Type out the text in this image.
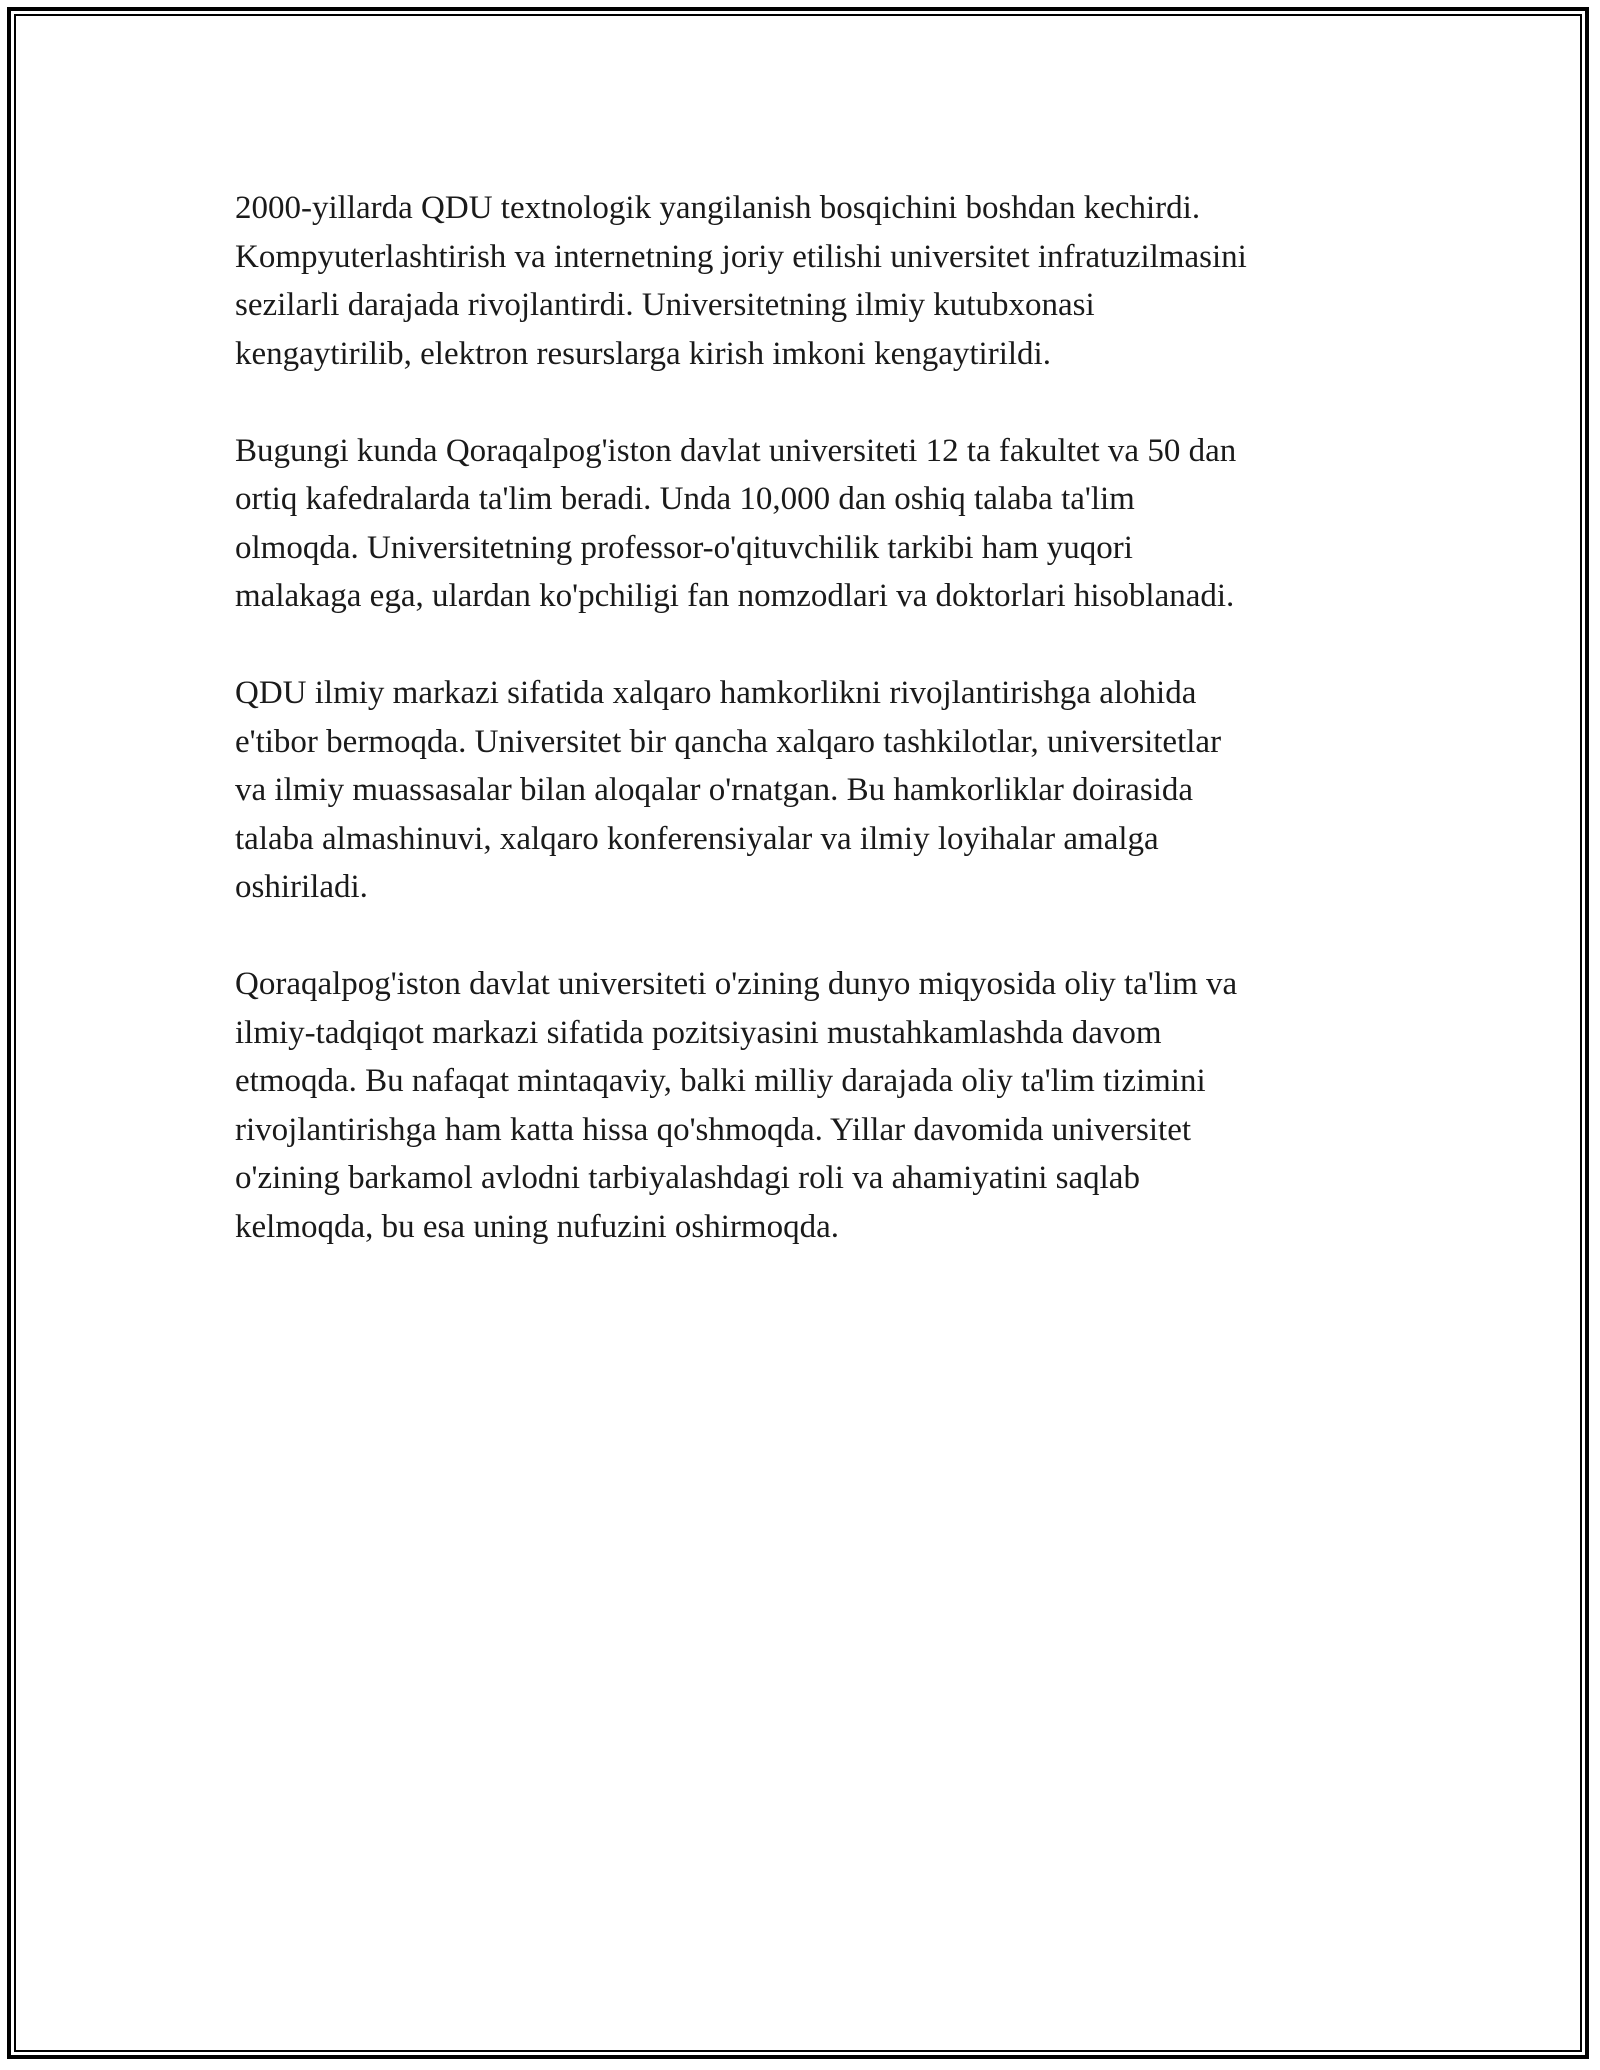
2000-yillarda QDU textnologik yangilanish bosqichini boshdan kechirdi.
Kompyuterlashtirish va internetning joriy etilishi universitet infratuzilmasini
sezilarli darajada rivojlantirdi. Universitetning ilmiy kutubxonasi
kengaytirilib, elektron resurslarga kirish imkoni kengaytirildi.

Bugungi kunda Qoraqalpog'iston davlat universiteti 12 ta fakultet va 50 dan
ortiq kafedralarda ta'lim beradi. Unda 10,000 dan oshiq talaba ta'lim
olmoqda. Universitetning professor-o'qituvchilik tarkibi ham yuqori
malakaga ega, ulardan ko'pchiligi fan nomzodlari va doktorlari hisoblanadi.

QDU ilmiy markazi sifatida xalqaro hamkorlikni rivojlantirishga alohida
e'tibor bermoqda. Universitet bir qancha xalqaro tashkilotlar, universitetlar
va ilmiy muassasalar bilan aloqalar o'rnatgan. Bu hamkorliklar doirasida
talaba almashinuvi, xalqaro konferensiyalar va ilmiy loyihalar amalga
oshiriladi.

Qoraqalpog'iston davlat universiteti o'zining dunyo miqyosida oliy ta'lim va
ilmiy-tadqiqot markazi sifatida pozitsiyasini mustahkamlashda davom
etmoqda. Bu nafaqat mintaqaviy, balki milliy darajada oliy ta'lim tizimini
rivojlantirishga ham katta hissa qo'shmoqda. Yillar davomida universitet
o'zining barkamol avlodni tarbiyalashdagi roli va ahamiyatini saqlab
kelmoqda, bu esa uning nufuzini oshirmoqda.
